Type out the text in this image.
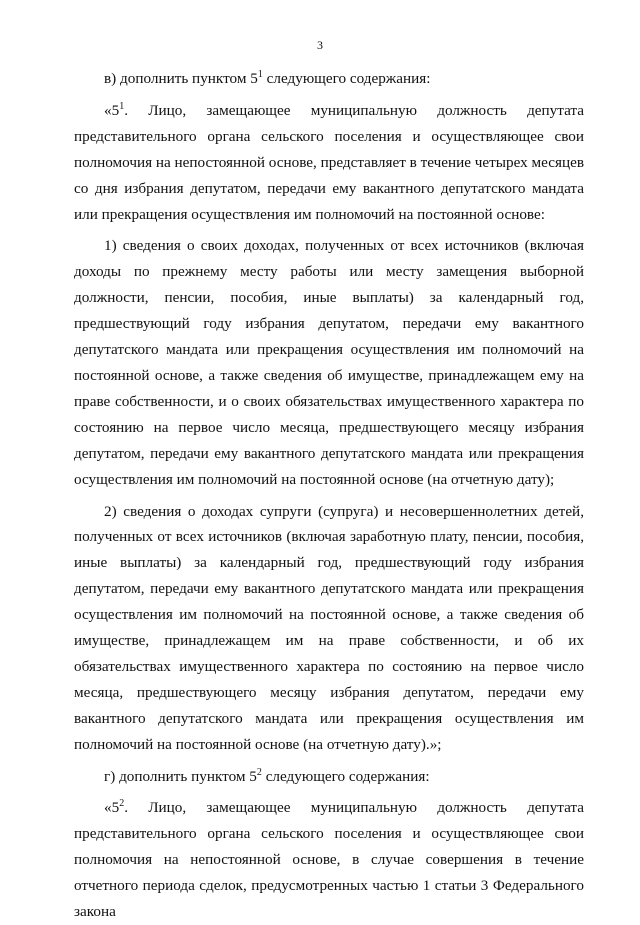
3

в) дополнить пунктом $5^1$ следующего содержания:

«$5^1$. Лицо, замещающее муниципальную должность депутата представительного органа сельского поселения и осуществляющее свои полномочия на непостоянной основе, представляет в течение четырех месяцев со дня избрания депутатом, передачи ему вакантного депутатского мандата или прекращения осуществления им полномочий на постоянной основе:

1) сведения о своих доходах, полученных от всех источников (включая доходы по прежнему месту работы или месту замещения выборной должности, пенсии, пособия, иные выплаты) за календарный год, предшествующий году избрания депутатом, передачи ему вакантного депутатского мандата или прекращения осуществления им полномочий на постоянной основе, а также сведения об имуществе, принадлежащем ему на праве собственности, и о своих обязательствах имущественного характера по состоянию на первое число месяца, предшествующего месяцу избрания депутатом, передачи ему вакантного депутатского мандата или прекращения осуществления им полномочий на постоянной основе (на отчетную дату);

2) сведения о доходах супруги (супруга) и несовершеннолетних детей, полученных от всех источников (включая заработную плату, пенсии, пособия, иные выплаты) за календарный год, предшествующий году избрания депутатом, передачи ему вакантного депутатского мандата или прекращения осуществления им полномочий на постоянной основе, а также сведения об имуществе, принадлежащем им на праве собственности, и об их обязательствах имущественного характера по состоянию на первое число месяца, предшествующего месяцу избрания депутатом, передачи ему вакантного депутатского мандата или прекращения осуществления им полномочий на постоянной основе (на отчетную дату).»;

г) дополнить пунктом $5^2$ следующего содержания:

«$5^2$. Лицо, замещающее муниципальную должность депутата представительного органа сельского поселения и осуществляющее свои полномочия на непостоянной основе, в случае совершения в течение отчетного периода сделок, предусмотренных частью 1 статьи 3 Федерального закона
